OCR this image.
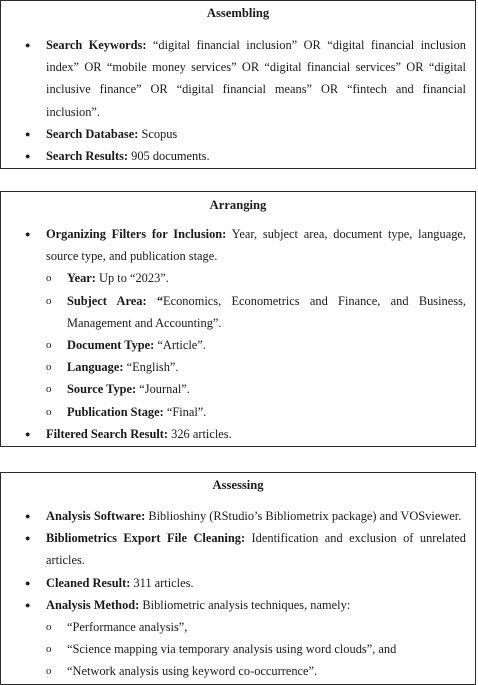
Assembling
● Search Keywords: “digital financial inclusion” OR “digital financial inclusion index” OR “mobile money services” OR “digital financial services” OR “digital inclusive finance” OR “digital financial means” OR “fintech and financial inclusion”.
● Search Database: Scopus
● Search Results: 905 documents.
Arranging
● Organizing Filters for Inclusion: Year, subject area, document type, language, source type, and publication stage.
o Year: Up to “2023”.
o Subject Area: “Economics, Econometrics and Finance, and Business, Management and Accounting”.
o Document Type: “Article”.
o Language: “English”.
o Source Type: “Journal”.
o Publication Stage: “Final”.
● Filtered Search Result: 326 articles.
Assessing
● Analysis Software: Biblioshiny (RStudio’s Bibliometrix package) and VOSviewer.
● Bibliometrics Export File Cleaning: Identification and exclusion of unrelated articles.
● Cleaned Result: 311 articles.
● Analysis Method: Bibliometric analysis techniques, namely:
o “Performance analysis”,
o “Science mapping via temporary analysis using word clouds”, and
o “Network analysis using keyword co-occurrence”.
